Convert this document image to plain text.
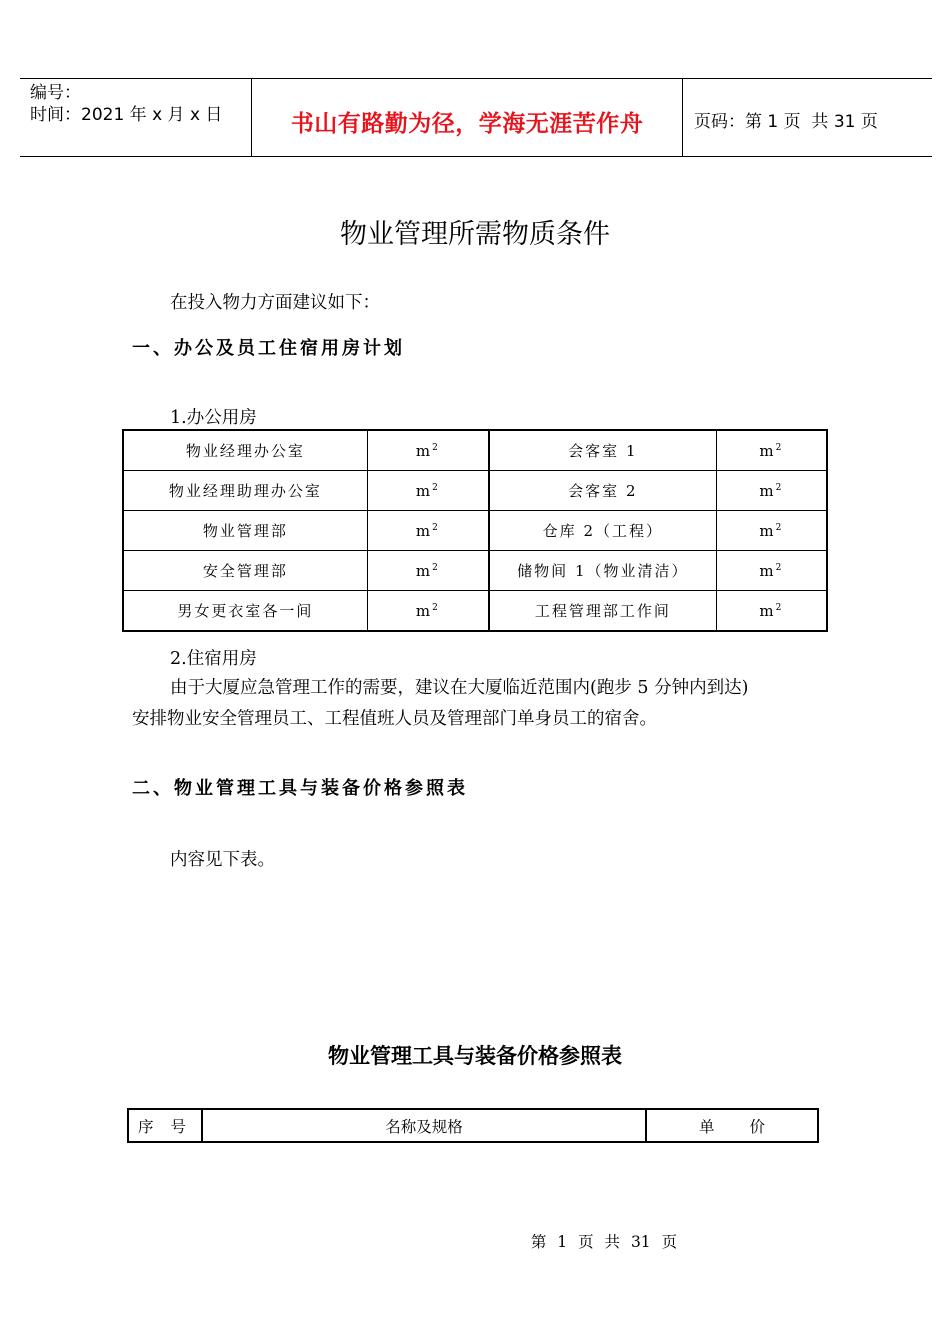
编号：
时间：2021 年 x 月 x 日	书山有路勤为径，学海无涯苦作舟	页码：第 1 页  共 31 页
物业管理所需物质条件
在投入物力方面建议如下：
一、办公及员工住宿用房计划
1.办公用房
物业经理办公室	$m^2$	会客室 1	$m^2$
物业经理助理办公室	$m^2$	会客室 2	$m^2$
物业管理部	$m^2$	仓库 2（工程）	$m^2$
安全管理部	$m^2$	储物间 1（物业清洁）	$m^2$
男女更衣室各一间	$m^2$	工程管理部工作间	$m^2$
2.住宿用房
由于大厦应急管理工作的需要，建议在大厦临近范围内(跑步 5 分钟内到达)
安排物业安全管理员工、工程值班人员及管理部门单身员工的宿舍。
二、物业管理工具与装备价格参照表
内容见下表。
物业管理工具与装备价格参照表
序 号	名称及规格	单 价
第 1 页 共 31 页
